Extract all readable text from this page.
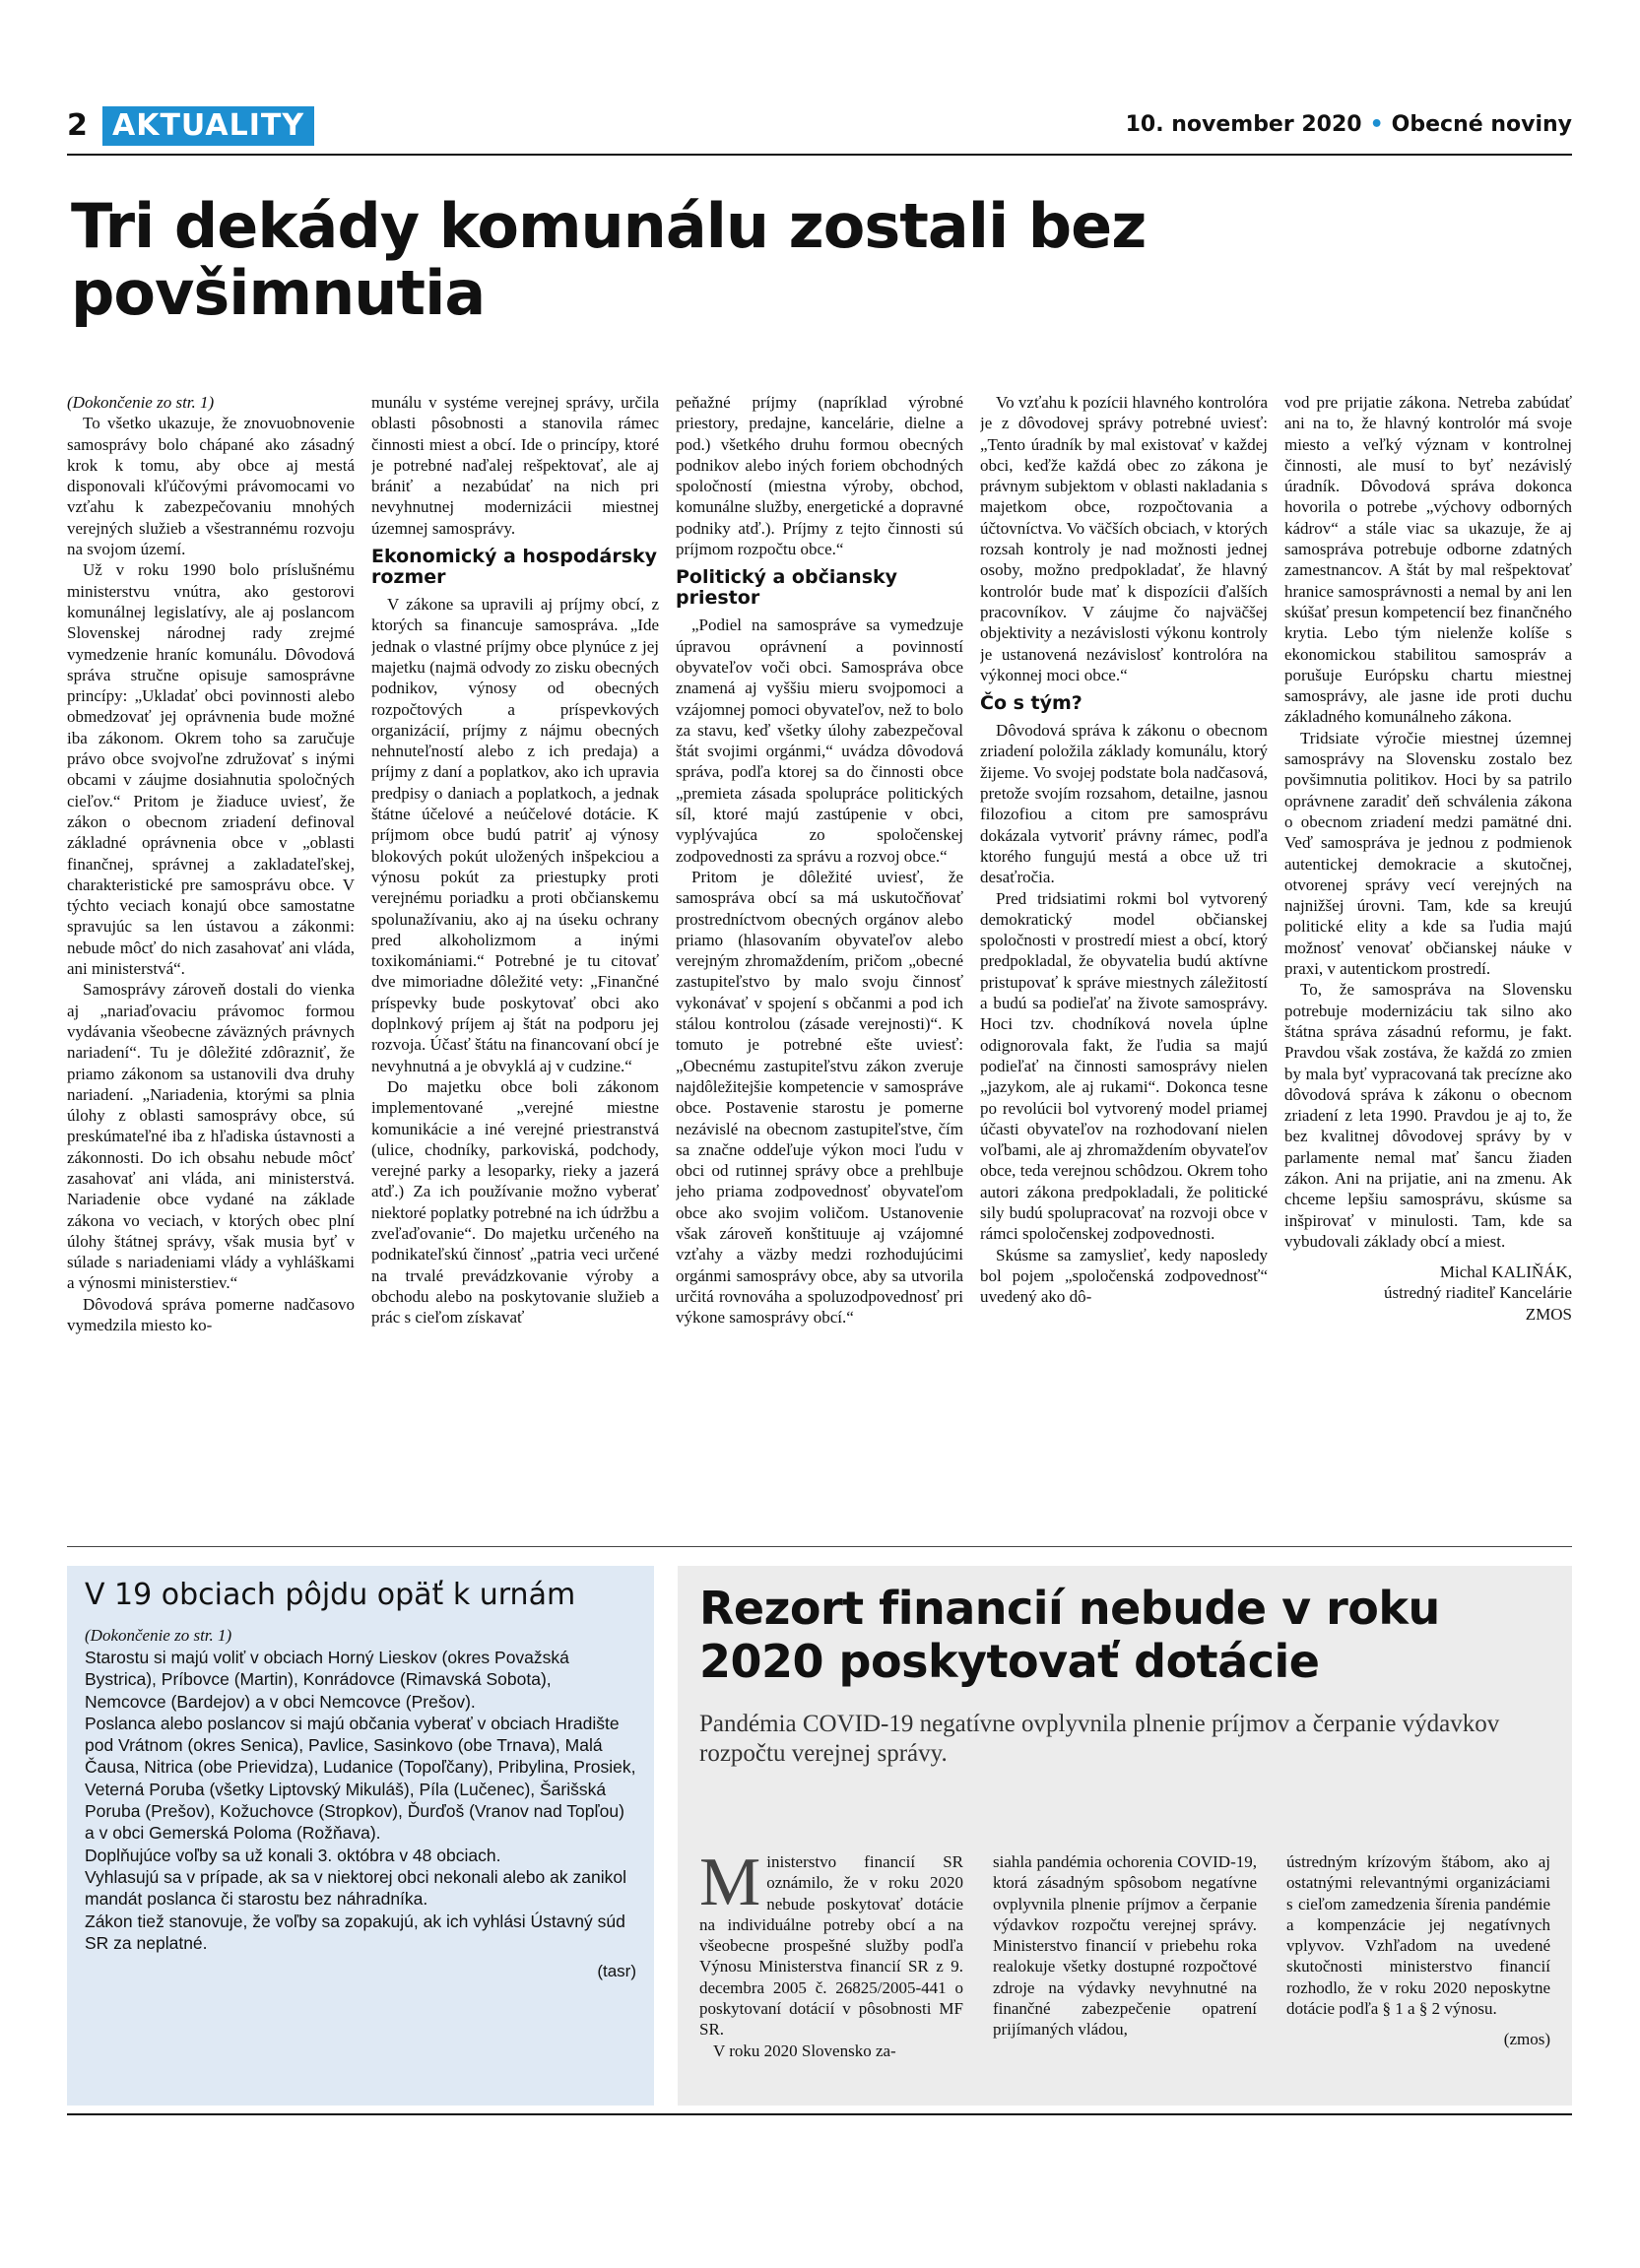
2 AKTUALITY	10. november 2020 • Obecné noviny
Tri dekády komunálu zostali bez povšimnutia

(Dokončenie zo str. 1)

To všetko ukazuje, že znovuobnovenie samosprávy bolo chápané ako zásadný krok k tomu, aby obce aj mestá disponovali kľúčovými právomocami vo vzťahu k zabezpečovaniu mnohých verejných služieb a všestrannému rozvoju na svojom území.

Už v roku 1990 bolo príslušnému ministerstvu vnútra, ako gestorovi komunálnej legislatívy, ale aj poslancom Slovenskej národnej rady zrejmé vymedzenie hraníc komunálu. Dôvodová správa stručne opisuje samosprávne princípy: „Ukladať obci povinnosti alebo obmedzovať jej oprávnenia bude možné iba zákonom. Okrem toho sa zaručuje právo obce svojvoľne združovať s inými obcami v záujme dosiahnutia spoločných cieľov.“ Pritom je žiaduce uviesť, že zákon o obecnom zriadení definoval základné oprávnenia obce v „oblasti finančnej, správnej a zakladateľskej, charakteristické pre samosprávu obce. V týchto veciach konajú obce samostatne spravujúc sa len ústavou a zákonmi: nebude môcť do nich zasahovať ani vláda, ani ministerstvá“.

Samosprávy zároveň dostali do vienka aj „nariaďovaciu právomoc formou vydávania všeobecne záväzných právnych nariadení“. Tu je dôležité zdôrazniť, že priamo zákonom sa ustanovili dva druhy nariadení. „Nariadenia, ktorými sa plnia úlohy z oblasti samosprávy obce, sú preskúmateľné iba z hľadiska ústavnosti a zákonnosti. Do ich obsahu nebude môcť zasahovať ani vláda, ani ministerstvá. Nariadenie obce vydané na základe zákona vo veciach, v ktorých obec plní úlohy štátnej správy, však musia byť v súlade s nariadeniami vlády a vyhláškami a výnosmi ministerstiev.“

Dôvodová správa pomerne nadčasovo vymedzila miesto ko-

munálu v systéme verejnej správy, určila oblasti pôsobnosti a stanovila rámec činnosti miest a obcí. Ide o princípy, ktoré je potrebné naďalej rešpektovať, ale aj brániť a nezabúdať na nich pri nevyhnutnej modernizácii miestnej územnej samosprávy.

Ekonomický a hospodársky rozmer

V zákone sa upravili aj príjmy obcí, z ktorých sa financuje samospráva. „Ide jednak o vlastné príjmy obce plynúce z jej majetku (najmä odvody zo zisku obecných podnikov, výnosy od obecných rozpočtových a príspevkových organizácií, príjmy z nájmu obecných nehnuteľností alebo z ich predaja) a príjmy z daní a poplatkov, ako ich upravia predpisy o daniach a poplatkoch, a jednak štátne účelové a neúčelové dotácie. K príjmom obce budú patriť aj výnosy blokových pokút uložených inšpekciou a výnosu pokút za priestupky proti verejnému poriadku a proti občianskemu spolunažívaniu, ako aj na úseku ochrany pred alkoholizmom a inými toxikomániami.“ Potrebné je tu citovať dve mimoriadne dôležité vety: „Finančné príspevky bude poskytovať obci ako doplnkový príjem aj štát na podporu jej rozvoja. Účasť štátu na financovaní obcí je nevyhnutná a je obvyklá aj v cudzine.“

Do majetku obce boli zákonom implementované „verejné miestne komunikácie a iné verejné priestranstvá (ulice, chodníky, parkoviská, podchody, verejné parky a lesoparky, rieky a jazerá atď.) Za ich používanie možno vyberať niektoré poplatky potrebné na ich údržbu a zveľaďovanie“. Do majetku určeného na podnikateľskú činnosť „patria veci určené na trvalé prevádzkovanie výroby a obchodu alebo na poskytovanie služieb a prác s cieľom získavať

peňažné príjmy (napríklad výrobné priestory, predajne, kancelárie, dielne a pod.) všetkého druhu formou obecných podnikov alebo iných foriem obchodných spoločností (miestna výroby, obchod, komunálne služby, energetické a dopravné podniky atď.). Príjmy z tejto činnosti sú príjmom rozpočtu obce.“

Politický a občiansky priestor

„Podiel na samospráve sa vymedzuje úpravou oprávnení a povinností obyvateľov voči obci. Samospráva obce znamená aj vyššiu mieru svojpomoci a vzájomnej pomoci obyvateľov, než to bolo za stavu, keď všetky úlohy zabezpečoval štát svojimi orgánmi,“ uvádza dôvodová správa, podľa ktorej sa do činnosti obce „premieta zásada spolupráce politických síl, ktoré majú zastúpenie v obci, vyplývajúca zo spoločenskej zodpovednosti za správu a rozvoj obce.“

Pritom je dôležité uviesť, že samospráva obcí sa má uskutočňovať prostredníctvom obecných orgánov alebo priamo (hlasovaním obyvateľov alebo verejným zhromaždením, pričom „obecné zastupiteľstvo by malo svoju činnosť vykonávať v spojení s občanmi a pod ich stálou kontrolou (zásade verejnosti)“. K tomuto je potrebné ešte uviesť: „Obecnému zastupiteľstvu zákon zveruje najdôležitejšie kompetencie v samospráve obce. Postavenie starostu je pomerne nezávislé na obecnom zastupiteľstve, čím sa značne oddeľuje výkon moci ľudu v obci od rutinnej správy obce a prehlbuje jeho priama zodpovednosť obyvateľom obce ako svojim voličom. Ustanovenie však zároveň konštituuje aj vzájomné vzťahy a väzby medzi rozhodujúcimi orgánmi samosprávy obce, aby sa utvorila určitá rovnováha a spoluzodpovednosť pri výkone samosprávy obcí.“

Vo vzťahu k pozícii hlavného kontrolóra je z dôvodovej správy potrebné uviesť: „Tento úradník by mal existovať v každej obci, keďže každá obec zo zákona je právnym subjektom v oblasti nakladania s majetkom obce, rozpočtovania a účtovníctva. Vo väčších obciach, v ktorých rozsah kontroly je nad možnosti jednej osoby, možno predpokladať, že hlavný kontrolór bude mať k dispozícii ďalších pracovníkov. V záujme čo najväčšej objektivity a nezávislosti výkonu kontroly je ustanovená nezávislosť kontrolóra na výkonnej moci obce.“

Čo s tým?

Dôvodová správa k zákonu o obecnom zriadení položila základy komunálu, ktorý žijeme. Vo svojej podstate bola nadčasová, pretože svojím rozsahom, detailne, jasnou filozofiou a citom pre samosprávu dokázala vytvoriť právny rámec, podľa ktorého fungujú mestá a obce už tri desaťročia.

Pred tridsiatimi rokmi bol vytvorený demokratický model občianskej spoločnosti v prostredí miest a obcí, ktorý predpokladal, že obyvatelia budú aktívne pristupovať k správe miestnych záležitostí a budú sa podieľať na živote samosprávy. Hoci tzv. chodníková novela úplne odignorovala fakt, že ľudia sa majú podieľať na činnosti samosprávy nielen „jazykom, ale aj rukami“. Dokonca tesne po revolúcii bol vytvorený model priamej účasti obyvateľov na rozhodovaní nielen voľbami, ale aj zhromaždením obyvateľov obce, teda verejnou schôdzou. Okrem toho autori zákona predpokladali, že politické sily budú spolupracovať na rozvoji obce v rámci spoločenskej zodpovednosti.

Skúsme sa zamyslieť, kedy naposledy bol pojem „spoločenská zodpovednosť“ uvedený ako dô-

vod pre prijatie zákona. Netreba zabúdať ani na to, že hlavný kontrolór má svoje miesto a veľký význam v kontrolnej činnosti, ale musí to byť nezávislý úradník. Dôvodová správa dokonca hovorila o potrebe „výchovy odborných kádrov“ a stále viac sa ukazuje, že aj samospráva potrebuje odborne zdatných zamestnancov. A štát by mal rešpektovať hranice samosprávnosti a nemal by ani len skúšať presun kompetencií bez finančného krytia. Lebo tým nielenže kolíše s ekonomickou stabilitou samospráv a porušuje Európsku chartu miestnej samosprávy, ale jasne ide proti duchu základného komunálneho zákona.

Tridsiate výročie miestnej územnej samosprávy na Slovensku zostalo bez povšimnutia politikov. Hoci by sa patrilo oprávnene zaradiť deň schválenia zákona o obecnom zriadení medzi pamätné dni. Veď samospráva je jednou z podmienok autentickej demokracie a skutočnej, otvorenej správy vecí verejných na najnižšej úrovni. Tam, kde sa kreujú politické elity a kde sa ľudia majú možnosť venovať občianskej náuke v praxi, v autentickom prostredí.

To, že samospráva na Slovensku potrebuje modernizáciu tak silno ako štátna správa zásadnú reformu, je fakt. Pravdou však zostáva, že každá zo zmien by mala byť vypracovaná tak precízne ako dôvodová správa k zákonu o obecnom zriadení z leta 1990. Pravdou je aj to, že bez kvalitnej dôvodovej správy by v parlamente nemal mať šancu žiaden zákon. Ani na prijatie, ani na zmenu. Ak chceme lepšiu samosprávu, skúsme sa inšpirovať v minulosti. Tam, kde sa vybudovali základy obcí a miest.

Michal KALIŇÁK,
ústredný riaditeľ Kancelárie
ZMOS

V 19 obciach pôjdu opäť k urnám

(Dokončenie zo str. 1)

Starostu si majú voliť v obciach Horný Lieskov (okres Považská Bystrica), Príbovce (Martin), Konrádovce (Rimavská Sobota), Nemcovce (Bardejov) a v obci Nemcovce (Prešov).

Poslanca alebo poslancov si majú občania vyberať v obciach Hradište pod Vrátnom (okres Senica), Pavlice, Sasinkovo (obe Trnava), Malá Čausa, Nitrica (obe Prievidza), Ludanice (Topoľčany), Pribylina, Prosiek, Veterná Poruba (všetky Liptovský Mikuláš), Píla (Lučenec), Šarišská Poruba (Prešov), Kožuchovce (Stropkov), Ďurďoš (Vranov nad Topľou) a v obci Gemerská Poloma (Rožňava).

Doplňujúce voľby sa už konali 3. októbra v 48 obciach.

Vyhlasujú sa v prípade, ak sa v niektorej obci nekonali alebo ak zanikol mandát poslanca či starostu bez náhradníka.

Zákon tiež stanovuje, že voľby sa zopakujú, ak ich vyhlási Ústavný súd SR za neplatné.

(tasr)

Rezort financií nebude v roku 2020 poskytovať dotácie

Pandémia COVID-19 negatívne ovplyvnila plnenie príjmov a čerpanie výdavkov rozpočtu verejnej správy.

Ministerstvo financií SR oznámilo, že v roku 2020 nebude poskytovať dotácie na individuálne potreby obcí a na všeobecne prospešné služby podľa Výnosu Ministerstva financií SR z 9. decembra 2005 č. 26825/2005-441 o poskytovaní dotácií v pôsobnosti MF SR.

V roku 2020 Slovensko za-

siahla pandémia ochorenia COVID-19, ktorá zásadným spôsobom negatívne ovplyvnila plnenie príjmov a čerpanie výdavkov rozpočtu verejnej správy. Ministerstvo financií v priebehu roka realokuje všetky dostupné rozpočtové zdroje na výdavky nevyhnutné na finančné zabezpečenie opatrení prijímaných vládou,

ústredným krízovým štábom, ako aj ostatnými relevantnými organizáciami s cieľom zamedzenia šírenia pandémie a kompenzácie jej negatívnych vplyvov. Vzhľadom na uvedené skutočnosti ministerstvo financií rozhodlo, že v roku 2020 neposkytne dotácie podľa § 1 a § 2 výnosu.

(zmos)
